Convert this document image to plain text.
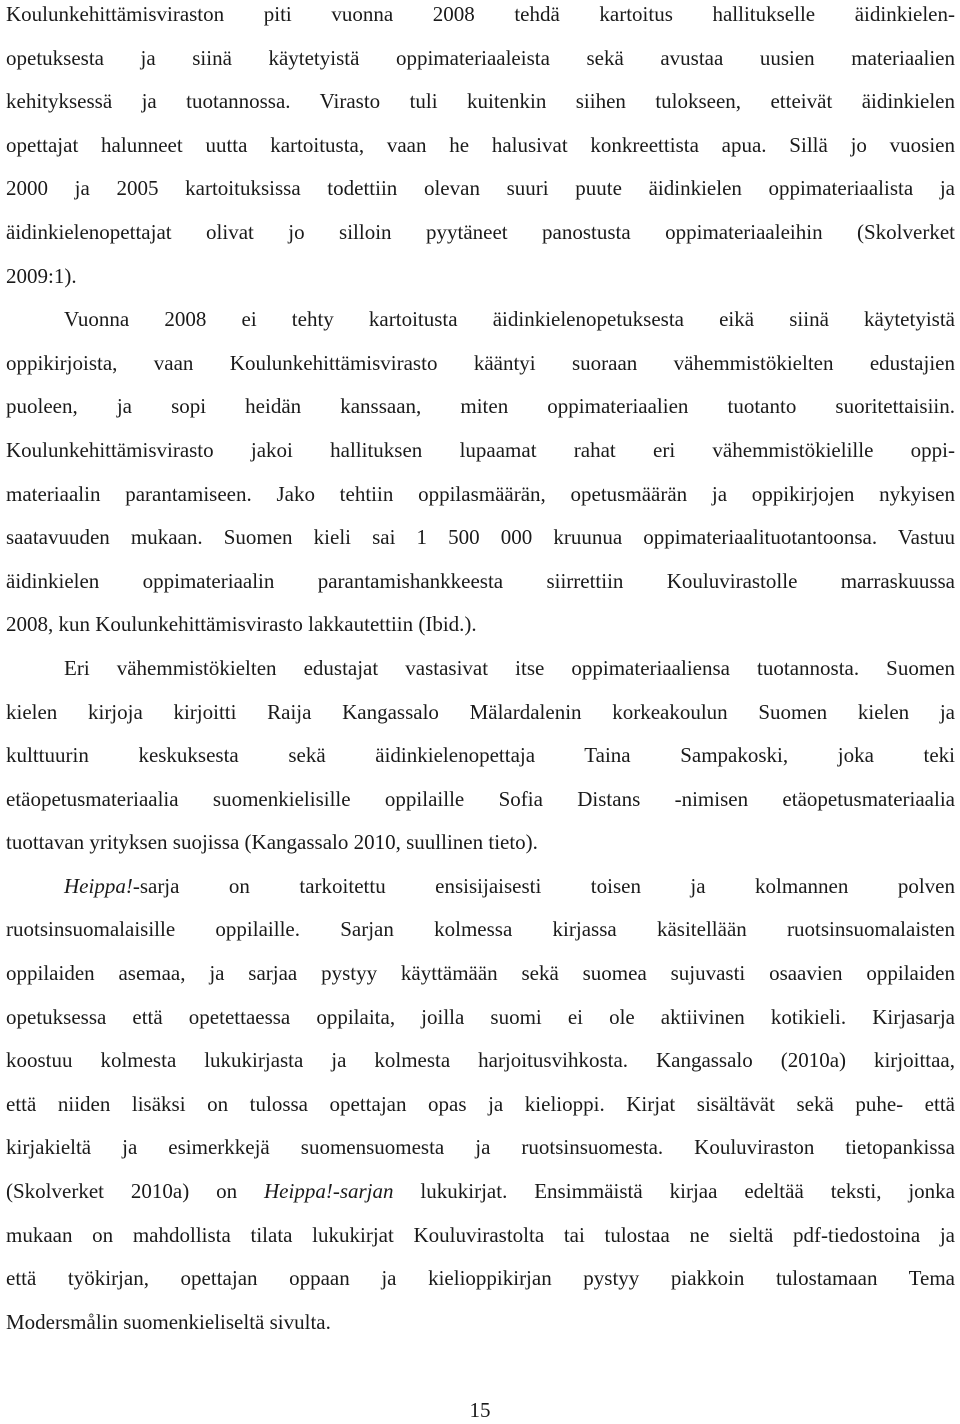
Koulunkehittämisviraston piti vuonna 2008 tehdä kartoitus hallitukselle äidinkielen-
opetuksesta ja siinä käytetyistä oppimateriaaleista sekä avustaa uusien materiaalien
kehityksessä ja tuotannossa. Virasto tuli kuitenkin siihen tulokseen, etteivät äidinkielen
opettajat halunneet uutta kartoitusta, vaan he halusivat konkreettista apua. Sillä jo vuosien
2000 ja 2005 kartoituksissa todettiin olevan suuri puute äidinkielen oppimateriaalista ja
äidinkielenopettajat olivat jo silloin pyytäneet panostusta oppimateriaaleihin (Skolverket
2009:1).
Vuonna 2008 ei tehty kartoitusta äidinkielenopetuksesta eikä siinä käytetyistä
oppikirjoista, vaan Koulunkehittämisvirasto kääntyi suoraan vähemmistökielten edustajien
puoleen, ja sopi heidän kanssaan, miten oppimateriaalien tuotanto suoritettaisiin.
Koulunkehittämisvirasto jakoi hallituksen lupaamat rahat eri vähemmistökielille oppi-
materiaalin parantamiseen. Jako tehtiin oppilasmäärän, opetusmäärän ja oppikirjojen nykyisen
saatavuuden mukaan. Suomen kieli sai 1 500 000 kruunua oppimateriaalituotantoonsa. Vastuu
äidinkielen oppimateriaalin parantamishankkeesta siirrettiin Kouluvirastolle marraskuussa
2008, kun Koulunkehittämisvirasto lakkautettiin (Ibid.).
Eri vähemmistökielten edustajat vastasivat itse oppimateriaaliensa tuotannosta. Suomen
kielen kirjoja kirjoitti Raija Kangassalo Mälardalenin korkeakoulun Suomen kielen ja
kulttuurin keskuksesta sekä äidinkielenopettaja Taina Sampakoski, joka teki
etäopetusmateriaalia suomenkielisille oppilaille Sofia Distans -nimisen etäopetusmateriaalia
tuottavan yrityksen suojissa (Kangassalo 2010, suullinen tieto).
Heippa!-sarja on tarkoitettu ensisijaisesti toisen ja kolmannen polven
ruotsinsuomalaisille oppilaille. Sarjan kolmessa kirjassa käsitellään ruotsinsuomalaisten
oppilaiden asemaa, ja sarjaa pystyy käyttämään sekä suomea sujuvasti osaavien oppilaiden
opetuksessa että opetettaessa oppilaita, joilla suomi ei ole aktiivinen kotikieli. Kirjasarja
koostuu kolmesta lukukirjasta ja kolmesta harjoitusvihkosta. Kangassalo (2010a) kirjoittaa,
että niiden lisäksi on tulossa opettajan opas ja kielioppi. Kirjat sisältävät sekä puhe- että
kirjakieltä ja esimerkkejä suomensuomesta ja ruotsinsuomesta. Kouluviraston tietopankissa
(Skolverket 2010a) on Heippa!-sarjan lukukirjat. Ensimmäistä kirjaa edeltää teksti, jonka
mukaan on mahdollista tilata lukukirjat Kouluvirastolta tai tulostaa ne sieltä pdf-tiedostoina ja
että työkirjan, opettajan oppaan ja kielioppikirjan pystyy piakkoin tulostamaan Tema
Modersmålin suomenkieliseltä sivulta.
15
